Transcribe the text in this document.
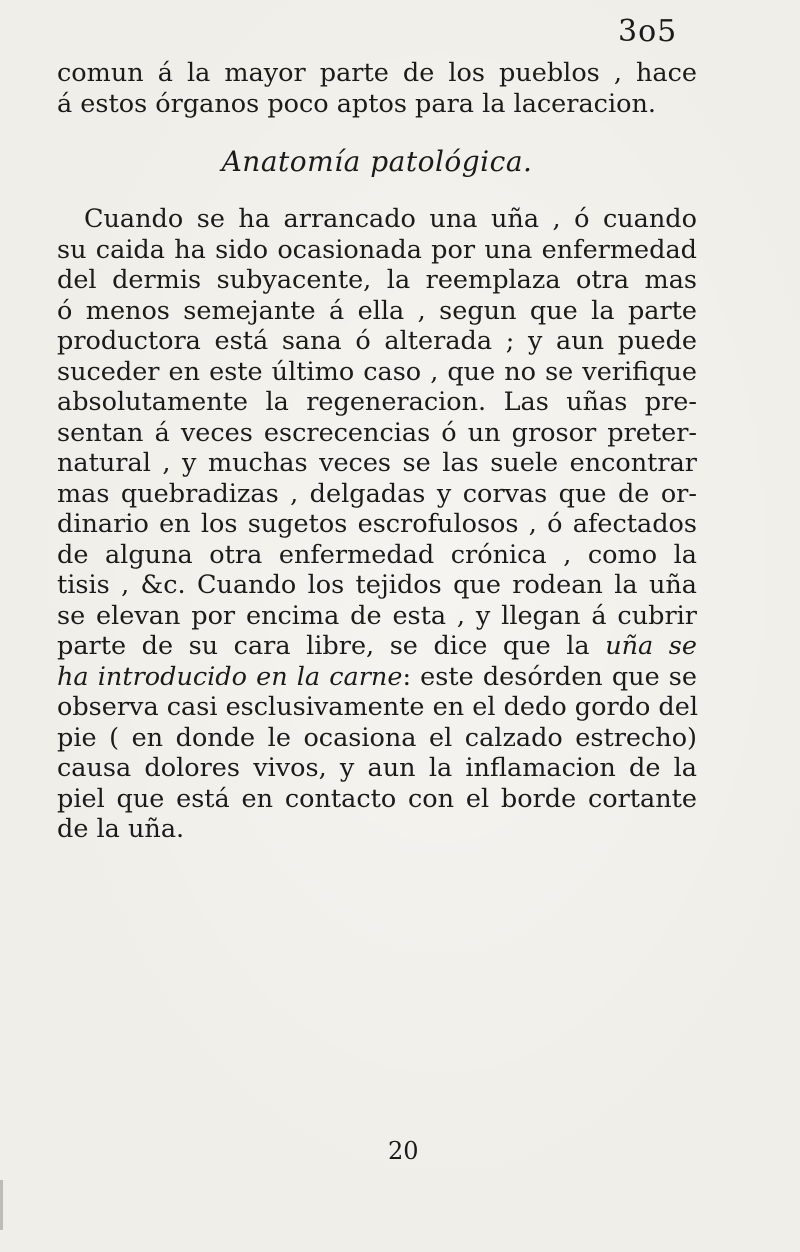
3o5
comun á la mayor parte de los pueblos , hace
á estos órganos poco aptos para la laceracion.
Anatomía patológica.
Cuando se ha arrancado una uña , ó cuando
su caida ha sido ocasionada por una enfermedad
del dermis subyacente, la reemplaza otra mas
ó menos semejante á ella , segun que la parte
productora está sana ó alterada ; y aun puede
suceder en este último caso , que no se verifique
absolutamente la regeneracion. Las uñas pre-
sentan á veces escrecencias ó un grosor preter-
natural , y muchas veces se las suele encontrar
mas quebradizas , delgadas y corvas que de or-
dinario en los sugetos escrofulosos , ó afectados
de alguna otra enfermedad crónica , como la
tisis , &c. Cuando los tejidos que rodean la uña
se elevan por encima de esta , y llegan á cubrir
parte de su cara libre, se dice que la uña se
ha introducido en la carne: este desórden que se
observa casi esclusivamente en el dedo gordo del
pie ( en donde le ocasiona el calzado estrecho)
causa dolores vivos, y aun la inflamacion de la
piel que está en contacto con el borde cortante
de la uña.
20
